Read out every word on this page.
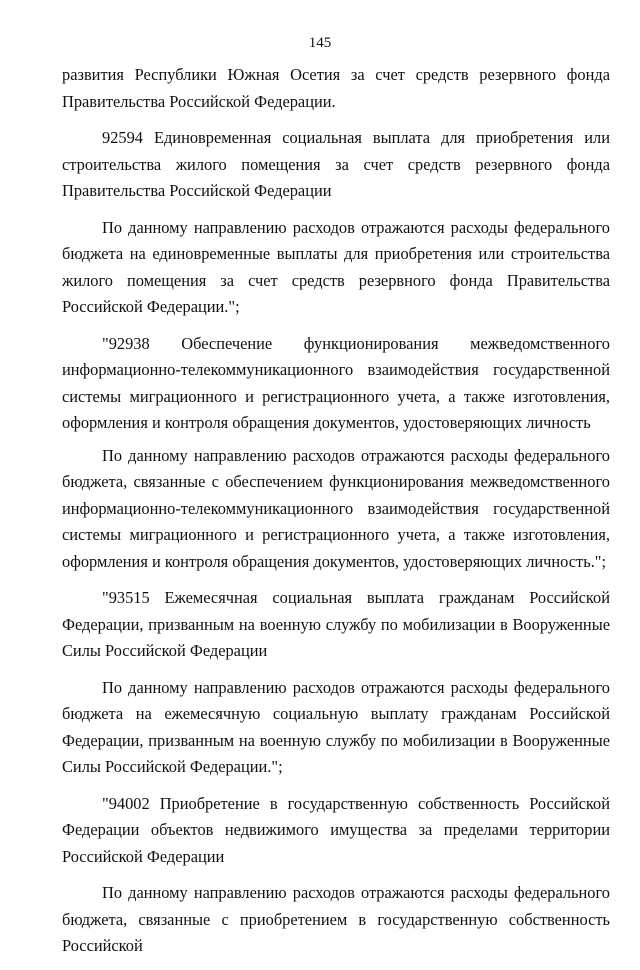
145

развития Республики Южная Осетия за счет средств резервного фонда Правительства Российской Федерации.

92594 Единовременная социальная выплата для приобретения или строительства жилого помещения за счет средств резервного фонда Правительства Российской Федерации

По данному направлению расходов отражаются расходы федерального бюджета на единовременные выплаты для приобретения или строительства жилого помещения за счет средств резервного фонда Правительства Российской Федерации.";

"92938 Обеспечение функционирования межведомственного информационно-телекоммуникационного взаимодействия государственной системы миграционного и регистрационного учета, а также изготовления, оформления и контроля обращения документов, удостоверяющих личность

По данному направлению расходов отражаются расходы федерального бюджета, связанные с обеспечением функционирования межведомственного информационно-телекоммуникационного взаимодействия государственной системы миграционного и регистрационного учета, а также изготовления, оформления и контроля обращения документов, удостоверяющих личность.";

"93515 Ежемесячная социальная выплата гражданам Российской Федерации, призванным на военную службу по мобилизации в Вооруженные Силы Российской Федерации

По данному направлению расходов отражаются расходы федерального бюджета на ежемесячную социальную выплату гражданам Российской Федерации, призванным на военную службу по мобилизации в Вооруженные Силы Российской Федерации.";

"94002 Приобретение в государственную собственность Российской Федерации объектов недвижимого имущества за пределами территории Российской Федерации

По данному направлению расходов отражаются расходы федерального бюджета, связанные с приобретением в государственную собственность Российской
